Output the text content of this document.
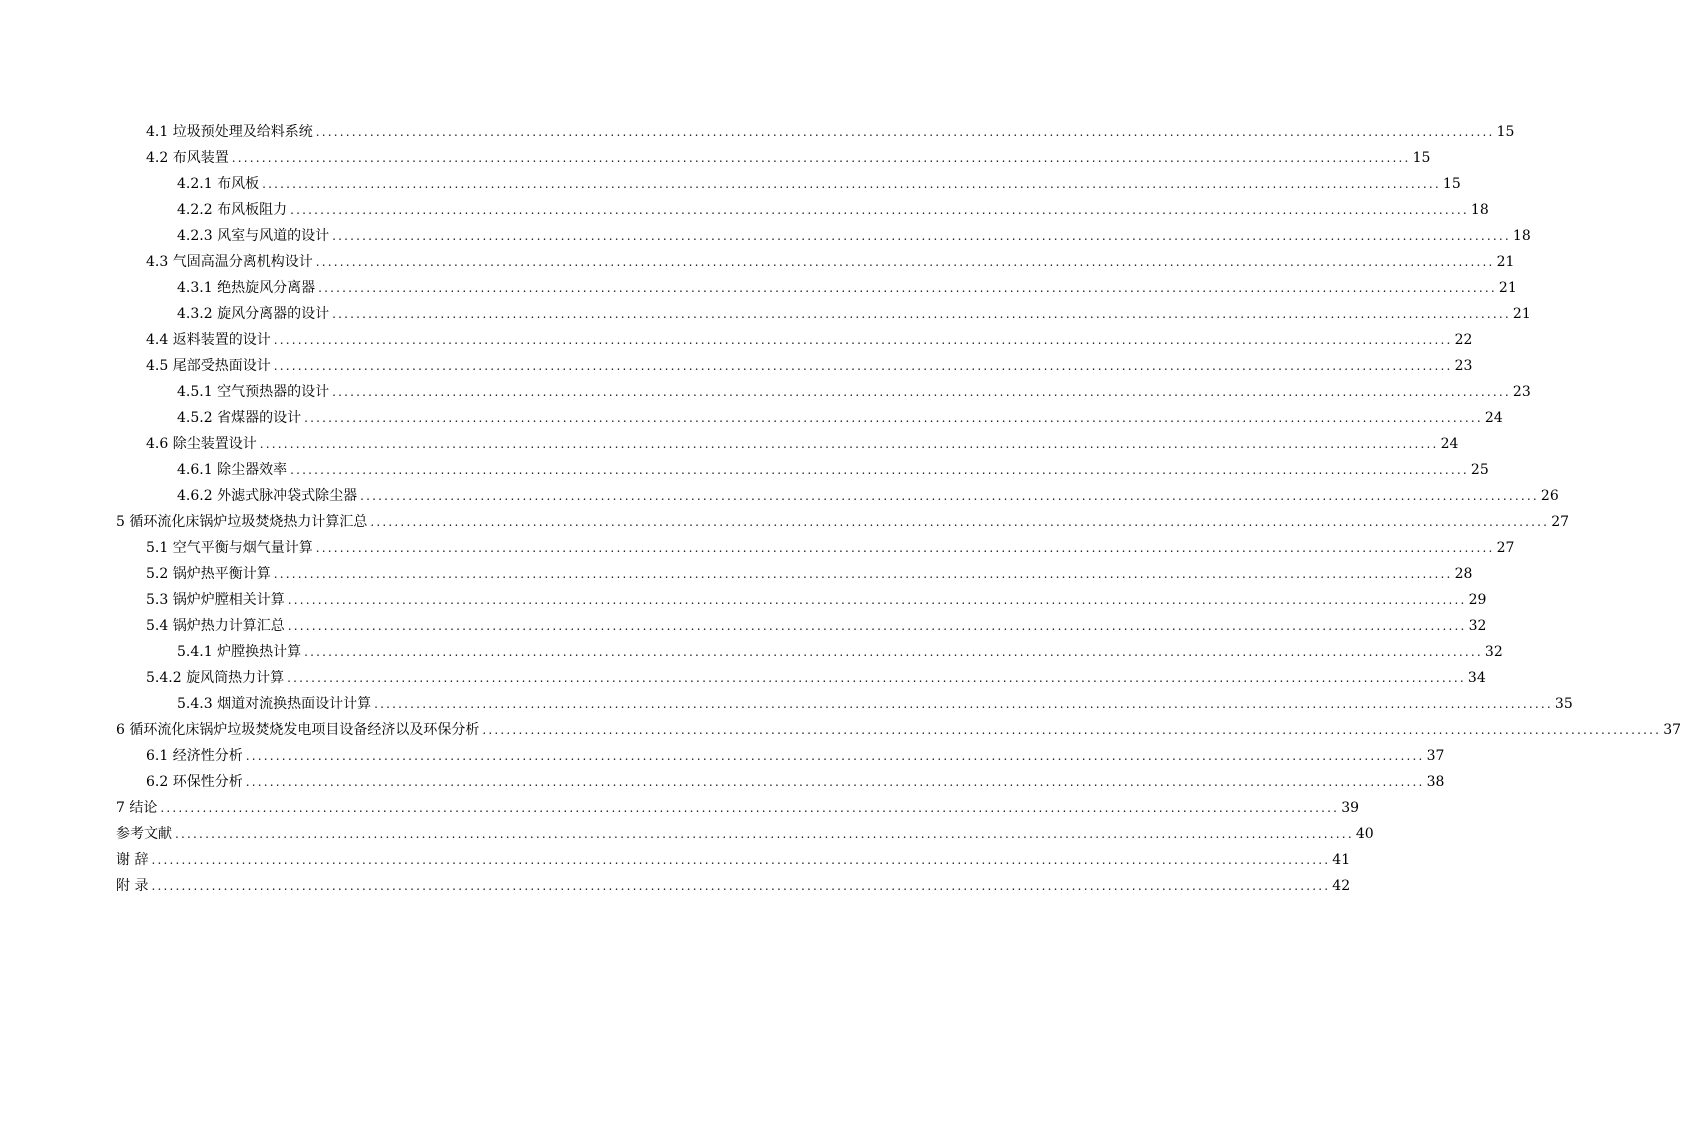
4.1 垃圾预处理及给料系统 .................................................................................................................................................................................................... 15
4.2 布风装置 .................................................................................................................................................................................................... 15
4.2.1 布风板 .................................................................................................................................................................................................... 15
4.2.2 布风板阻力 .................................................................................................................................................................................................... 18
4.2.3 风室与风道的设计 .................................................................................................................................................................................................... 18
4.3 气固高温分离机构设计 .................................................................................................................................................................................................... 21
4.3.1 绝热旋风分离器 .................................................................................................................................................................................................... 21
4.3.2 旋风分离器的设计 .................................................................................................................................................................................................... 21
4.4 返料装置的设计 .................................................................................................................................................................................................... 22
4.5 尾部受热面设计 .................................................................................................................................................................................................... 23
4.5.1 空气预热器的设计 .................................................................................................................................................................................................... 23
4.5.2 省煤器的设计 .................................................................................................................................................................................................... 24
4.6 除尘装置设计 .................................................................................................................................................................................................... 24
4.6.1 除尘器效率 .................................................................................................................................................................................................... 25
4.6.2 外滤式脉冲袋式除尘器 .................................................................................................................................................................................................... 26
5 循环流化床锅炉垃圾焚烧热力计算汇总 .................................................................................................................................................................................................... 27
5.1 空气平衡与烟气量计算 .................................................................................................................................................................................................... 27
5.2 锅炉热平衡计算 .................................................................................................................................................................................................... 28
5.3 锅炉炉膛相关计算 .................................................................................................................................................................................................... 29
5.4 锅炉热力计算汇总 .................................................................................................................................................................................................... 32
5.4.1 炉膛换热计算 .................................................................................................................................................................................................... 32
5.4.2 旋风筒热力计算 .................................................................................................................................................................................................... 34
5.4.3 烟道对流换热面设计计算 .................................................................................................................................................................................................... 35
6 循环流化床锅炉垃圾焚烧发电项目设备经济以及环保分析 .................................................................................................................................................................................................... 37
6.1 经济性分析 .................................................................................................................................................................................................... 37
6.2 环保性分析 .................................................................................................................................................................................................... 38
7 结论 .................................................................................................................................................................................................... 39
参考文献 .................................................................................................................................................................................................... 40
谢 辞 .................................................................................................................................................................................................... 41
附 录 .................................................................................................................................................................................................... 42
